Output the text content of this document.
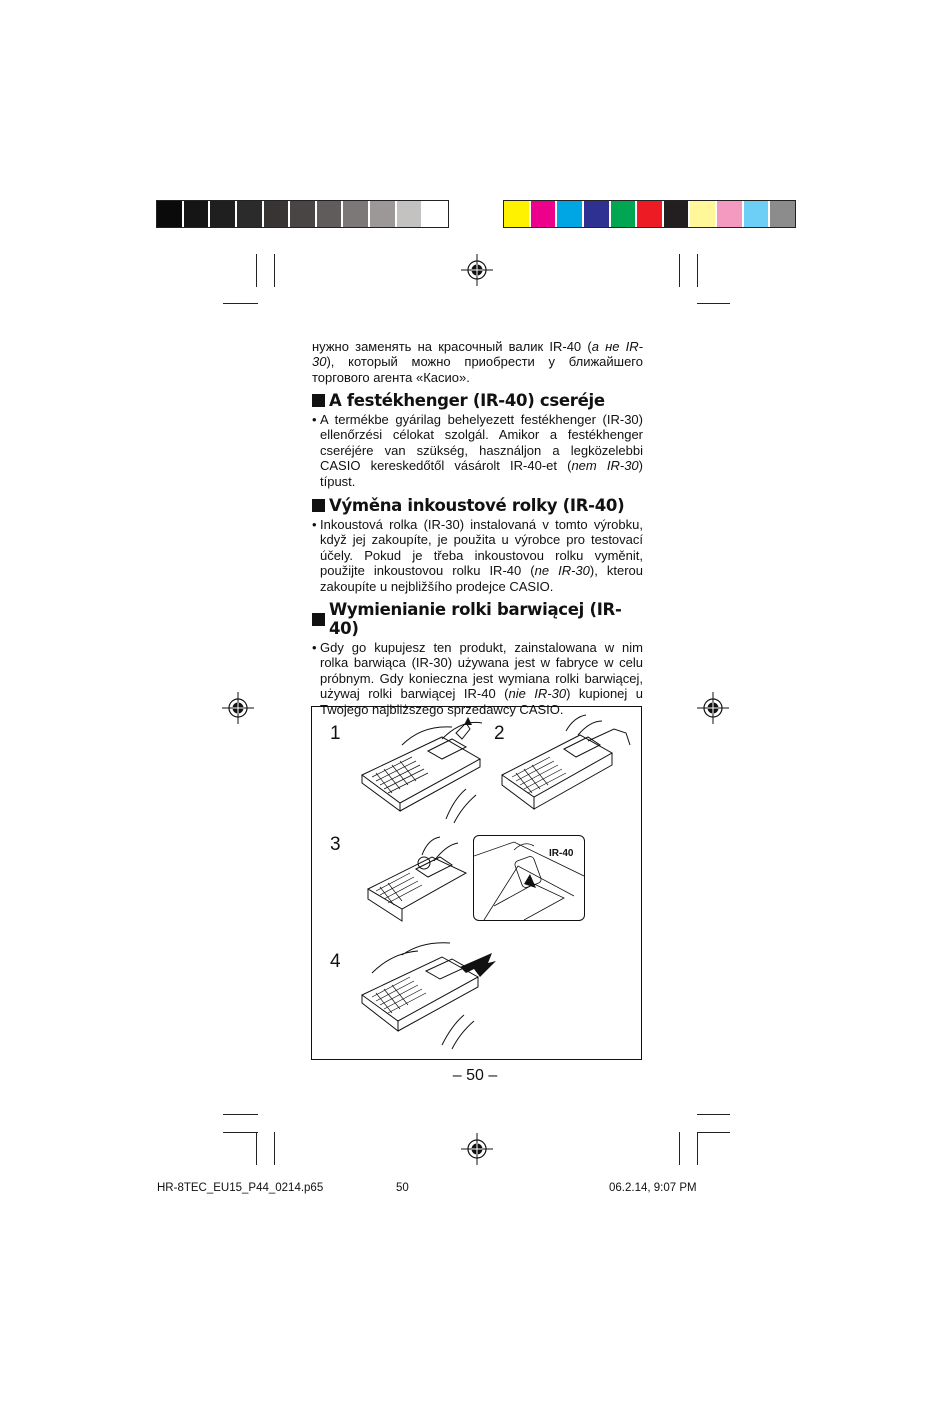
нужно заменять на красочный валик IR-40 (а не IR-30), который можно приобрести у ближайшего торгового агента «Касио».

A festékhenger (IR-40) cseréje
• A termékbe gyárilag behelyezett festékhenger (IR-30) ellenőrzési célokat szolgál. Amikor a festékhenger cseréjére van szükség, használjon a legközelebbi CASIO kereskedőtől vásárolt IR-40-et (nem IR-30) típust.
Výměna inkoustové rolky (IR-40)
• Inkoustová rolka (IR-30) instalovaná v tomto výrobku, když jej zakoupíte, je použita u výrobce pro testovací účely. Pokud je třeba inkoustovou rolku vyměnit, použijte inkoustovou rolku IR-40 (ne IR-30), kterou zakoupíte u nejbližšího prodejce CASIO.
Wymienianie rolki barwiącej (IR-40)
• Gdy go kupujesz ten produkt, zainstalowana w nim rolka barwiąca (IR-30) używana jest w fabryce w celu próbnym. Gdy konieczna jest wymiana rolki barwiącej, używaj rolki barwiącej IR-40 (nie IR-30) kupionej u Twojego najbliższego sprzedawcy CASIO.
1	2
3
4
IR-40
– 50 –
HR-8TEC_EU15_P44_0214.p65	50	06.2.14, 9:07 PM
